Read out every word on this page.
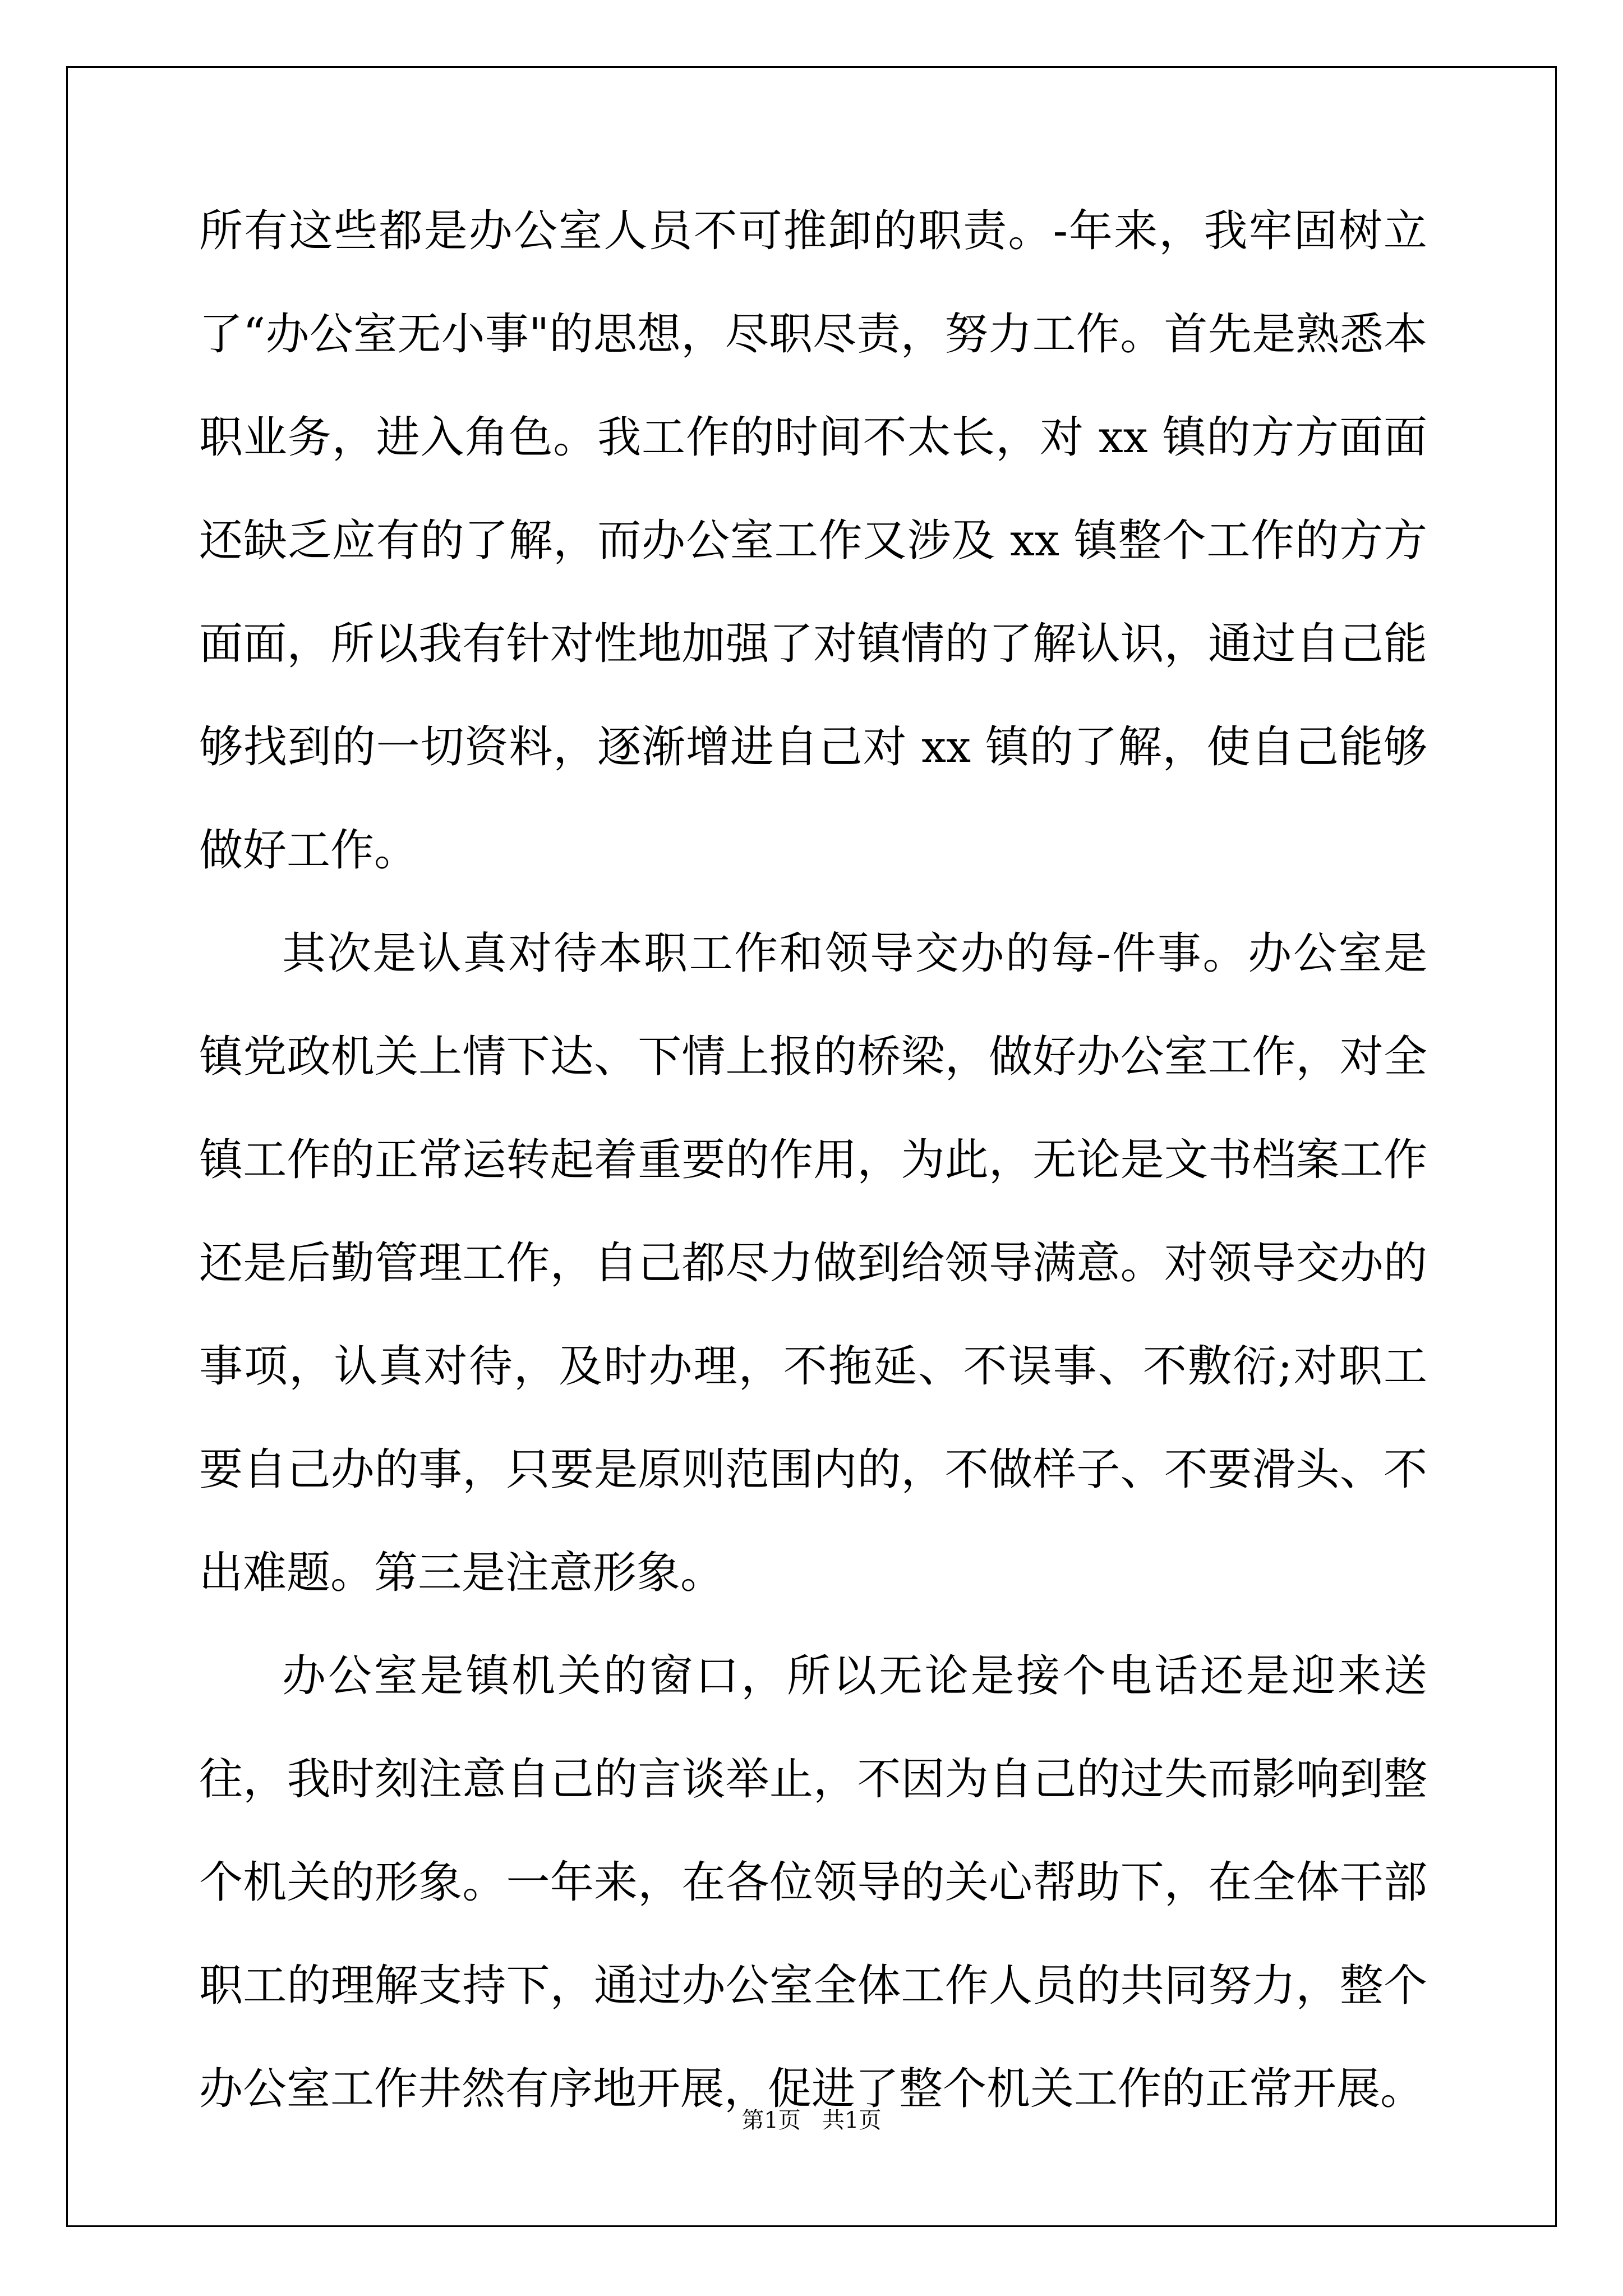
所有这些都是办公室人员不可推卸的职责。-年来，我牢固树立了“办公室无小事"的思想，尽职尽责，努力工作。首先是熟悉本职业务，进入角色。我工作的时间不太长，对 xx 镇的方方面面还缺乏应有的了解，而办公室工作又涉及 xx 镇整个工作的方方面面，所以我有针对性地加强了对镇情的了解认识，通过自己能够找到的一切资料，逐渐增进自己对 xx 镇的了解，使自己能够做好工作。

其次是认真对待本职工作和领导交办的每-件事。办公室是镇党政机关上情下达、下情上报的桥梁，做好办公室工作，对全镇工作的正常运转起着重要的作用，为此，无论是文书档案工作还是后勤管理工作，自己都尽力做到给领导满意。对领导交办的事项，认真对待，及时办理，不拖延、不误事、不敷衍;对职工要自己办的事，只要是原则范围内的，不做样子、不要滑头、不出难题。第三是注意形象。

办公室是镇机关的窗口，所以无论是接个电话还是迎来送往，我时刻注意自己的言谈举止，不因为自己的过失而影响到整个机关的形象。一年来，在各位领导的关心帮助下，在全体干部职工的理解支持下，通过办公室全体工作人员的共同努力，整个办公室工作井然有序地开展，促进了整个机关工作的正常开展。

第1页   共1页
